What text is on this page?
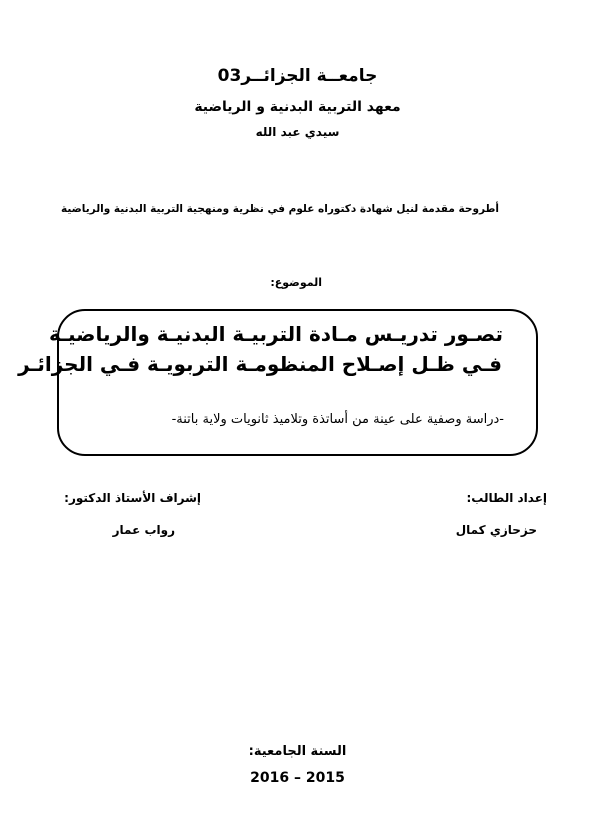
جامعــة الجزائــر03
معهد التربية البدنية و الرياضية
سيدي عبد الله
أطروحة مقدمة لنيل شهادة دكتوراه علوم في نظرية ومنهجية التربية البدنية والرياضية
الموضوع:
تصـور تدريـس مـادة التربيـة البدنيـة والرياضيـة
فـي ظـل إصـلاح المنظومـة التربويـة فـي الجزائـر
-دراسة وصفية على عينة من أساتذة وتلاميذ ثانويات ولاية باتنة-
إعداد الطالب:
حزحازي كمال
إشراف الأستاذ الدكتور:
رواب عمار
السنة الجامعية:
2016 – 2015
